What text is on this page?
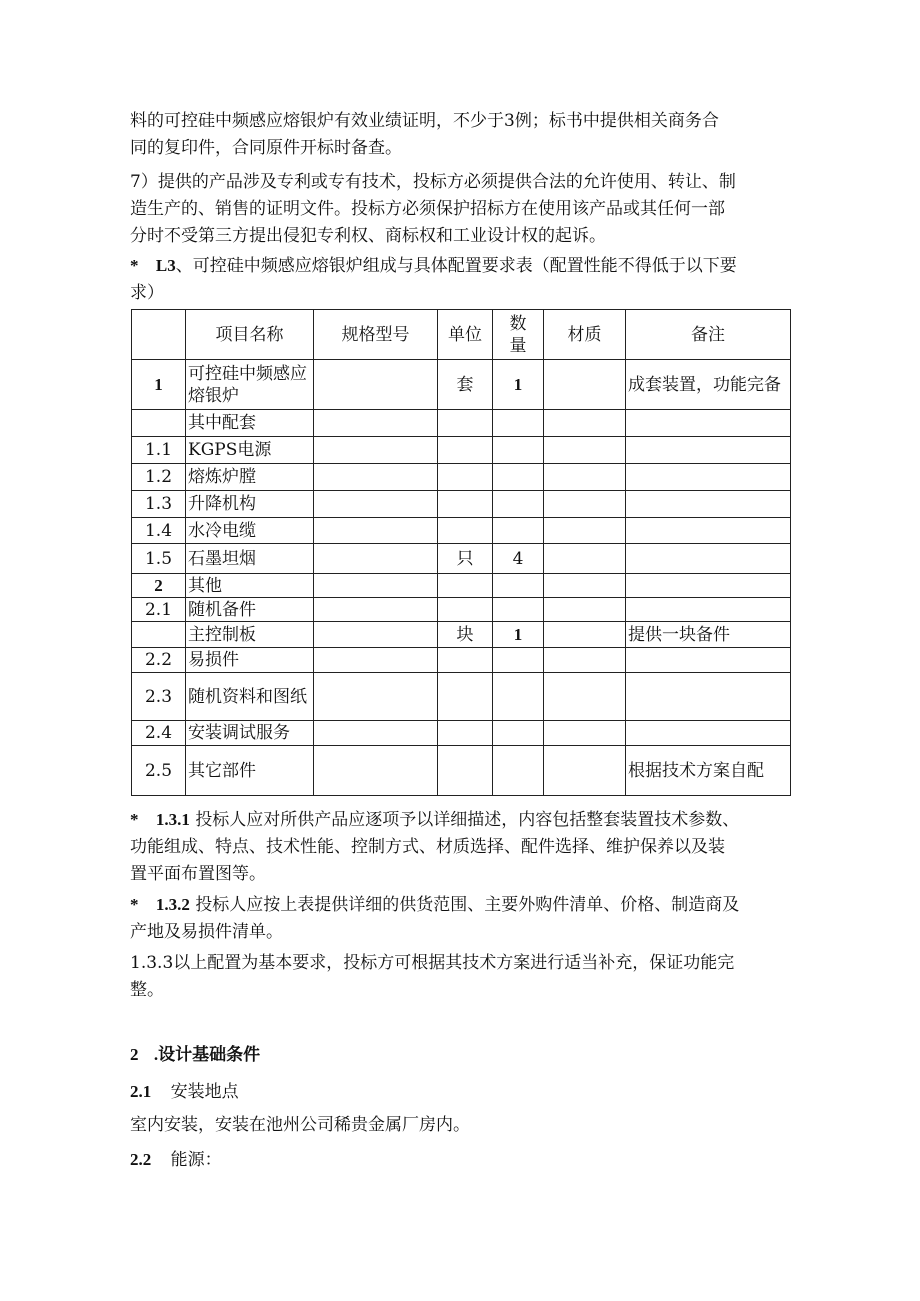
料的可控硅中频感应熔银炉有效业绩证明，不少于3例；标书中提供相关商务合
同的复印件，合同原件开标时备查。

7）提供的产品涉及专利或专有技术，投标方必须提供合法的允许使用、转让、制
造生产的、销售的证明文件。投标方必须保护招标方在使用该产品或其任何一部
分时不受第三方提出侵犯专利权、商标权和工业设计权的起诉。

* L3、可控硅中频感应熔银炉组成与具体配置要求表（配置性能不得低于以下要
求）

	项目名称	规格型号	单位	数量	材质	备注
1	可控硅中频感应熔银炉		套	1		成套装置，功能完备
	其中配套					
1.1	KGPS电源					
1.2	熔炼炉膛					
1.3	升降机构					
1.4	水冷电缆					
1.5	石墨坦烟		只	4		
2	其他					
2.1	随机备件					
	主控制板		块	1		提供一块备件
2.2	易损件					
2.3	随机资料和图纸					
2.4	安装调试服务					
2.5	其它部件					根据技术方案自配

* 1.3.1 投标人应对所供产品应逐项予以详细描述，内容包括整套装置技术参数、
功能组成、特点、技术性能、控制方式、材质选择、配件选择、维护保养以及装
置平面布置图等。

* 1.3.2 投标人应按上表提供详细的供货范围、主要外购件清单、价格、制造商及
产地及易损件清单。

1.3.3以上配置为基本要求，投标方可根据其技术方案进行适当补充，保证功能完
整。

2 .设计基础条件

2.1 安装地点

室内安装，安装在池州公司稀贵金属厂房内。

2.2 能源：
